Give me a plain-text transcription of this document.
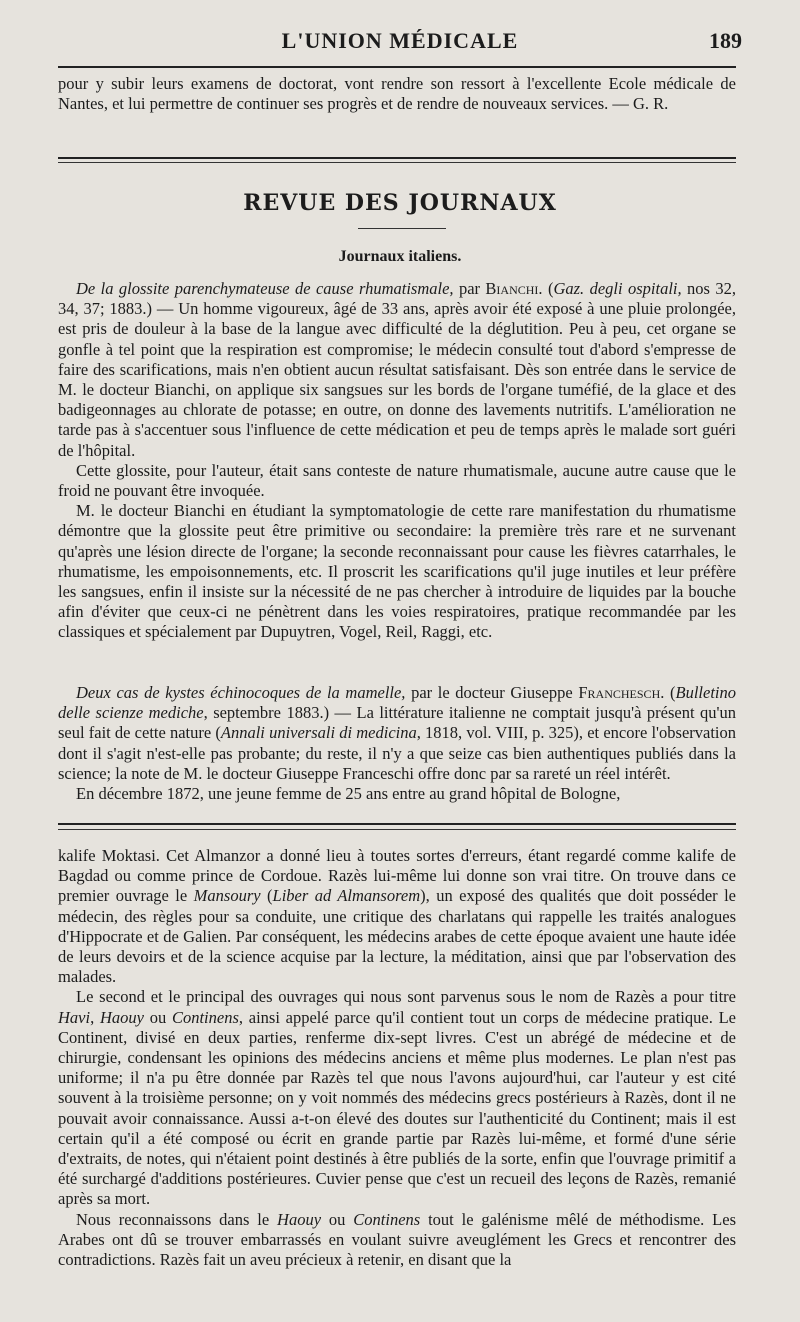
L'UNION MÉDICALE	189

pour y subir leurs examens de doctorat, vont rendre son ressort à l'excellente Ecole médicale de Nantes, et lui permettre de continuer ses progrès et de rendre de nouveaux services. — G. R.

REVUE DES JOURNAUX
Journaux italiens.

De la glossite parenchymateuse de cause rhumatismale, par Bianchi. (Gaz. degli ospitali, nos 32, 34, 37; 1883.) — Un homme vigoureux, âgé de 33 ans, après avoir été exposé à une pluie prolongée, est pris de douleur à la base de la langue avec difficulté de la déglutition. Peu à peu, cet organe se gonfle à tel point que la respiration est compromise; le médecin consulté tout d'abord s'empresse de faire des scarifications, mais n'en obtient aucun résultat satisfaisant. Dès son entrée dans le service de M. le docteur Bianchi, on applique six sangsues sur les bords de l'organe tuméfié, de la glace et des badigeonnages au chlorate de potasse; en outre, on donne des lavements nutritifs. L'amélioration ne tarde pas à s'accentuer sous l'influence de cette médication et peu de temps après le malade sort guéri de l'hôpital.

Cette glossite, pour l'auteur, était sans conteste de nature rhumatismale, aucune autre cause que le froid ne pouvant être invoquée.

M. le docteur Bianchi en étudiant la symptomatologie de cette rare manifestation du rhumatisme démontre que la glossite peut être primitive ou secondaire: la première très rare et ne survenant qu'après une lésion directe de l'organe; la seconde reconnaissant pour cause les fièvres catarrhales, le rhumatisme, les empoisonnements, etc. Il proscrit les scarifications qu'il juge inutiles et leur préfère les sangsues, enfin il insiste sur la nécessité de ne pas chercher à introduire de liquides par la bouche afin d'éviter que ceux-ci ne pénètrent dans les voies respiratoires, pratique recommandée par les classiques et spécialement par Dupuytren, Vogel, Reil, Raggi, etc.

Deux cas de kystes échinocoques de la mamelle, par le docteur Giuseppe Franchesch. (Bulletino delle scienze mediche, septembre 1883.) — La littérature italienne ne comptait jusqu'à présent qu'un seul fait de cette nature (Annali universali di medicina, 1818, vol. VIII, p. 325), et encore l'observation dont il s'agit n'est-elle pas probante; du reste, il n'y a que seize cas bien authentiques publiés dans la science; la note de M. le docteur Giuseppe Franceschi offre donc par sa rareté un réel intérêt.

En décembre 1872, une jeune femme de 25 ans entre au grand hôpital de Bologne,

kalife Moktasi. Cet Almanzor a donné lieu à toutes sortes d'erreurs, étant regardé comme kalife de Bagdad ou comme prince de Cordoue. Razès lui-même lui donne son vrai titre. On trouve dans ce premier ouvrage le Mansoury (Liber ad Almansorem), un exposé des qualités que doit posséder le médecin, des règles pour sa conduite, une critique des charlatans qui rappelle les traités analogues d'Hippocrate et de Galien. Par conséquent, les médecins arabes de cette époque avaient une haute idée de leurs devoirs et de la science acquise par la lecture, la méditation, ainsi que par l'observation des malades.

Le second et le principal des ouvrages qui nous sont parvenus sous le nom de Razès a pour titre Havi, Haouy ou Continens, ainsi appelé parce qu'il contient tout un corps de médecine pratique. Le Continent, divisé en deux parties, renferme dix-sept livres. C'est un abrégé de médecine et de chirurgie, condensant les opinions des médecins anciens et même plus modernes. Le plan n'est pas uniforme; il n'a pu être donnée par Razès tel que nous l'avons aujourd'hui, car l'auteur y est cité souvent à la troisième personne; on y voit nommés des médecins grecs postérieurs à Razès, dont il ne pouvait avoir connaissance. Aussi a-t-on élevé des doutes sur l'authenticité du Continent; mais il est certain qu'il a été composé ou écrit en grande partie par Razès lui-même, et formé d'une série d'extraits, de notes, qui n'étaient point destinés à être publiés de la sorte, enfin que l'ouvrage primitif a été surchargé d'additions postérieures. Cuvier pense que c'est un recueil des leçons de Razès, remanié après sa mort.

Nous reconnaissons dans le Haouy ou Continens tout le galénisme mêlé de méthodisme. Les Arabes ont dû se trouver embarrassés en voulant suivre aveuglément les Grecs et rencontrer des contradictions. Razès fait un aveu précieux à retenir, en disant que la
